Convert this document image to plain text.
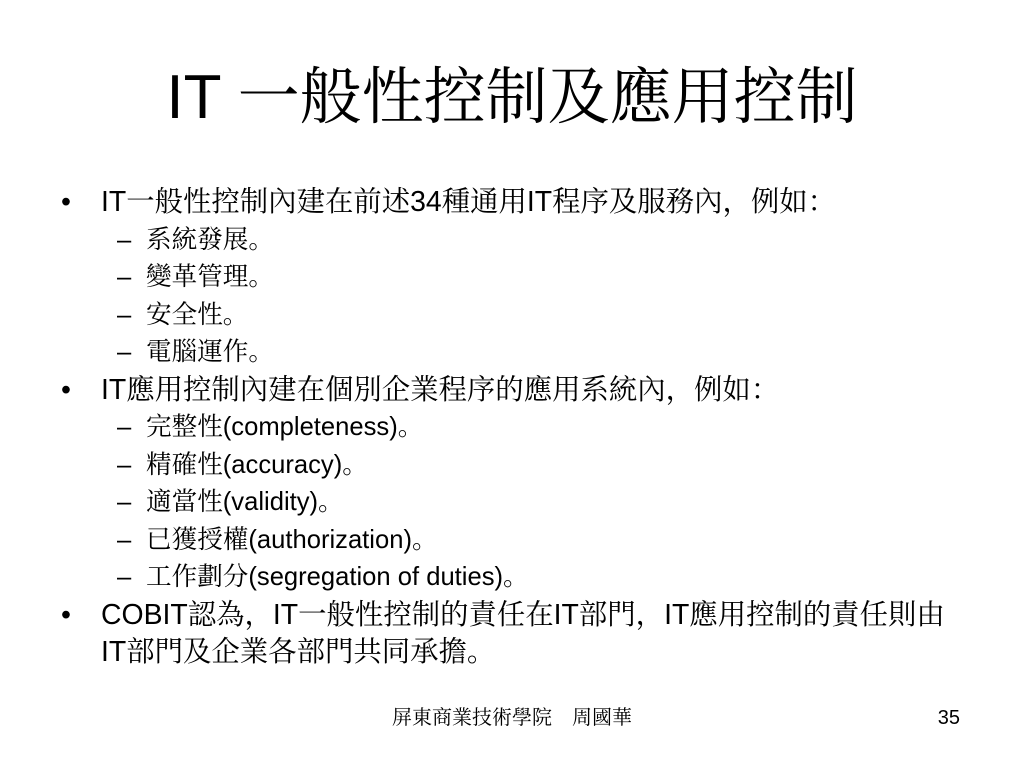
IT 一般性控制及應用控制
• IT一般性控制內建在前述34種通用IT程序及服務內，例如：
– 系統發展。
– 變革管理。
– 安全性。
– 電腦運作。
• IT應用控制內建在個別企業程序的應用系統內，例如：
– 完整性(completeness)。
– 精確性(accuracy)。
– 適當性(validity)。
– 已獲授權(authorization)。
– 工作劃分(segregation of duties)。
• COBIT認為，IT一般性控制的責任在IT部門，IT應用控制的責任則由
IT部門及企業各部門共同承擔。
屏東商業技術學院　周國華	35
